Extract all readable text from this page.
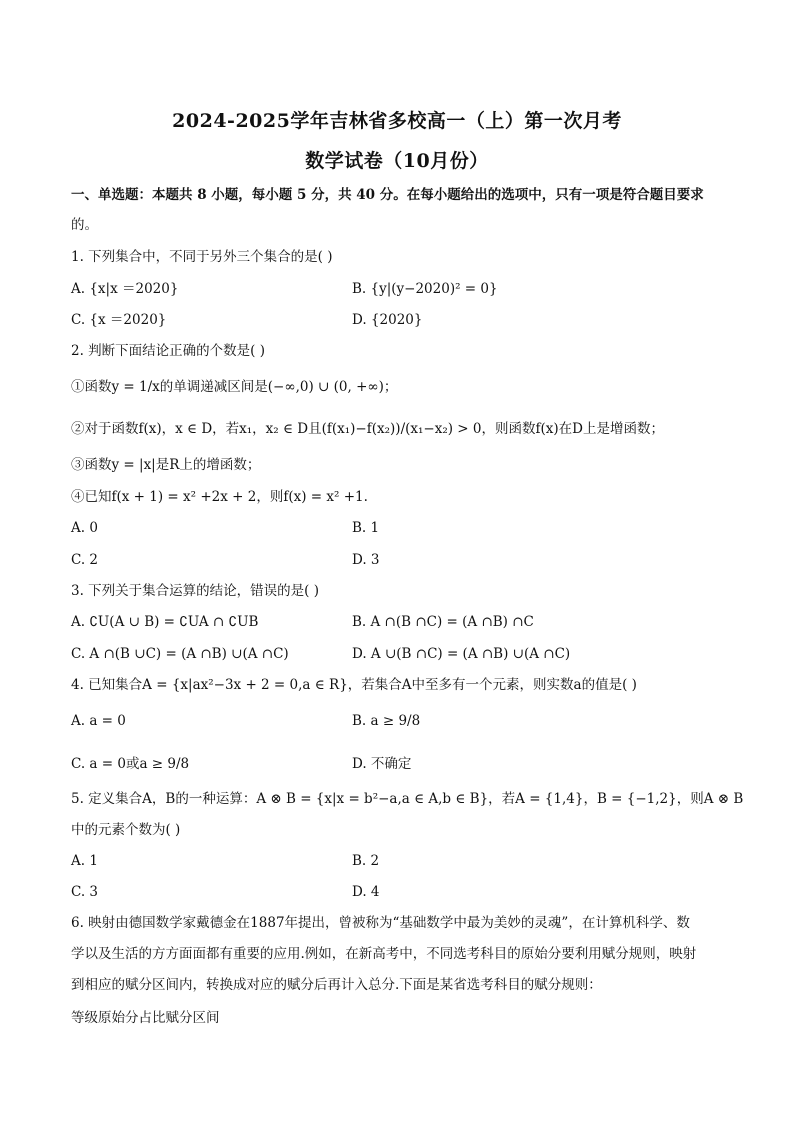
2024-2025学年吉林省多校高一（上）第一次月考
数学试卷（10月份）
一、单选题：本题共 8 小题，每小题 5 分，共 40 分。在每小题给出的选项中，只有一项是符合题目要求
的。
1. 下列集合中，不同于另外三个集合的是( )
A. {x|x ＝2020}	B. {y|(y−2020)² = 0}
C. {x ＝2020}	D. {2020}
2. 判断下面结论正确的个数是( )
①函数y = 1/x的单调递减区间是(−∞,0) ∪ (0, +∞)；
②对于函数f(x)，x ∈ D，若x₁，x₂ ∈ D且(f(x₁)−f(x₂))/(x₁−x₂) > 0，则函数f(x)在D上是增函数；
③函数y = |x|是R上的增函数；
④已知f(x + 1) = x² +2x + 2，则f(x) = x² +1.
A. 0	B. 1
C. 2	D. 3
3. 下列关于集合运算的结论，错误的是( )
A. ∁U(A ∪ B) = ∁UA ∩ ∁UB	B. A ∩(B ∩C) = (A ∩B) ∩C
C. A ∩(B ∪C) = (A ∩B) ∪(A ∩C)	D. A ∪(B ∩C) = (A ∩B) ∪(A ∩C)
4. 已知集合A = {x|ax²−3x + 2 = 0,a ∈ R}，若集合A中至多有一个元素，则实数a的值是( )
A. a = 0	B. a ≥ 9/8
C. a = 0或a ≥ 9/8	D. 不确定
5. 定义集合A，B的一种运算：A ⊗ B = {x|x = b²−a,a ∈ A,b ∈ B}，若A = {1,4}，B = {−1,2}，则A ⊗ B
中的元素个数为( )
A. 1	B. 2
C. 3	D. 4
6. 映射由德国数学家戴德金在1887年提出，曾被称为“基础数学中最为美妙的灵魂”，在计算机科学、数
学以及生活的方方面面都有重要的应用.例如，在新高考中，不同选考科目的原始分要利用赋分规则，映射
到相应的赋分区间内，转换成对应的赋分后再计入总分.下面是某省选考科目的赋分规则：
等级原始分占比赋分区间
